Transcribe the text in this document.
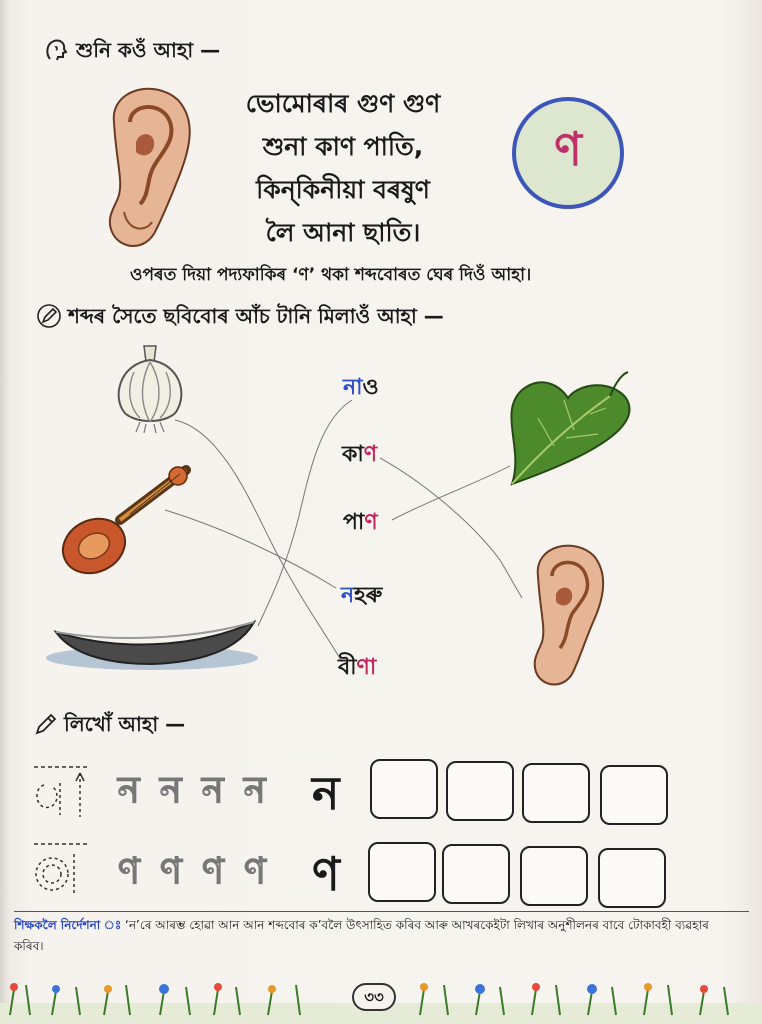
শুনি কওঁ আহা —
ভোমোৰাৰ গুণ গুণ
শুনা কাণ পাতি,
কিন্‌কিনীয়া বৰষুণ
লৈ আনা ছাতি।
ণ
ওপৰত দিয়া পদ্যফাকিৰ ‘ণ’ থকা শব্দবোৰত ঘেৰ দিওঁ আহা।
শব্দৰ সৈতে ছবিবোৰ আঁচ টানি মিলাওঁ আহা —
নাও
কাণ
পাণ
নহৰু
বীণা
লিখোঁ আহা —
ন ন ন ন ন
ণ ণ ণ ণ ণ
শিক্ষকলৈ নিৰ্দেশনা ঃ ‘ন’ৰে আৰম্ভ হোৱা আন আন শব্দবোৰ ক’বলৈ উৎসাহিত কৰিব আৰু আখৰকেইটা লিখাৰ অনুশীলনৰ বাবে টোকাবহী ব্যৱহাৰ কৰিব।
৩৩
